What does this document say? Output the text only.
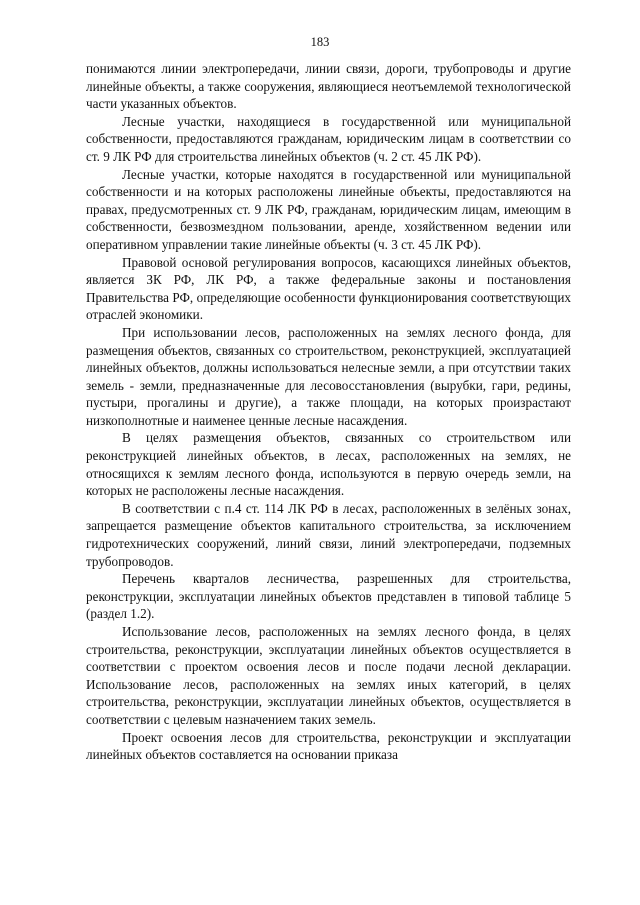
183

понимаются линии электропередачи, линии связи, дороги, трубопроводы и другие линейные объекты, а также сооружения, являющиеся неотъемлемой технологической части указанных объектов.

Лесные участки, находящиеся в государственной или муниципальной собственности, предоставляются гражданам, юридическим лицам в соответствии со ст. 9 ЛК РФ для строительства линейных объектов (ч. 2 ст. 45 ЛК РФ).

Лесные участки, которые находятся в государственной или муниципальной собственности и на которых расположены линейные объекты, предоставляются на правах, предусмотренных ст. 9 ЛК РФ, гражданам, юридическим лицам, имеющим в собственности, безвозмездном пользовании, аренде, хозяйственном ведении или оперативном управлении такие линейные объекты (ч. 3 ст. 45 ЛК РФ).

Правовой основой регулирования вопросов, касающихся линейных объектов, является ЗК РФ, ЛК РФ, а также федеральные законы и постановления Правительства РФ, определяющие особенности функционирования соответствующих отраслей экономики.

При использовании лесов, расположенных на землях лесного фонда, для размещения объектов, связанных со строительством, реконструкцией, эксплуатацией линейных объектов, должны использоваться нелесные земли, а при отсутствии таких земель - земли, предназначенные для лесовосстановления (вырубки, гари, редины, пустыри, прогалины и другие), а также площади, на которых произрастают низкополнотные и наименее ценные лесные насаждения.

В целях размещения объектов, связанных со строительством или реконструкцией линейных объектов, в лесах, расположенных на землях, не относящихся к землям лесного фонда, используются в первую очередь земли, на которых не расположены лесные насаждения.

В соответствии с п.4 ст. 114 ЛК РФ в лесах, расположенных в зелёных зонах, запрещается размещение объектов капитального строительства, за исключением гидротехнических сооружений, линий связи, линий электропередачи, подземных трубопроводов.

Перечень кварталов лесничества, разрешенных для строительства, реконструкции, эксплуатации линейных объектов представлен в типовой таблице 5 (раздел 1.2).

Использование лесов, расположенных на землях лесного фонда, в целях строительства, реконструкции, эксплуатации линейных объектов осуществляется в соответствии с проектом освоения лесов и после подачи лесной декларации. Использование лесов, расположенных на землях иных категорий, в целях строительства, реконструкции, эксплуатации линейных объектов, осуществляется в соответствии с целевым назначением таких земель.

Проект освоения лесов для строительства, реконструкции и эксплуатации линейных объектов составляется на основании приказа
